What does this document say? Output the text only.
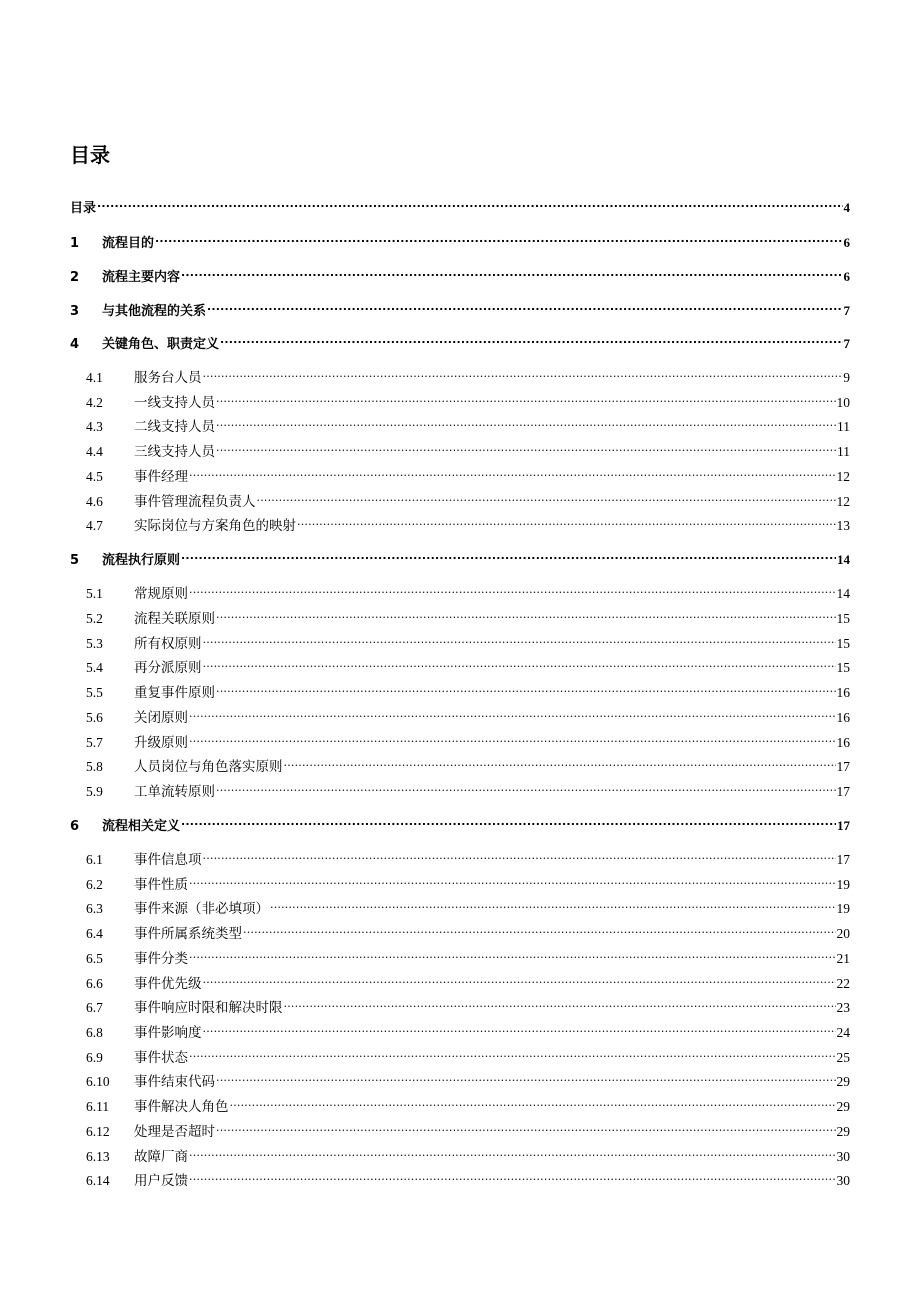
目录
目录 .....	4
1	流程目的 .....	6
2	流程主要内容 .....	6
3	与其他流程的关系 .....	7
4	关键角色、职责定义 .....	7
4.1	服务台人员 .....	9
4.2	一线支持人员 .....	10
4.3	二线支持人员 .....	11
4.4	三线支持人员 .....	11
4.5	事件经理 .....	12
4.6	事件管理流程负责人 .....	12
4.7	实际岗位与方案角色的映射 .....	13
5	流程执行原则 .....	14
5.1	常规原则 .....	14
5.2	流程关联原则 .....	15
5.3	所有权原则 .....	15
5.4	再分派原则 .....	15
5.5	重复事件原则 .....	16
5.6	关闭原则 .....	16
5.7	升级原则 .....	16
5.8	人员岗位与角色落实原则 .....	17
5.9	工单流转原则 .....	17
6	流程相关定义 .....	17
6.1	事件信息项 .....	17
6.2	事件性质 .....	19
6.3	事件来源（非必填项） .....	19
6.4	事件所属系统类型 .....	20
6.5	事件分类 .....	21
6.6	事件优先级 .....	22
6.7	事件响应时限和解决时限 .....	23
6.8	事件影响度 .....	24
6.9	事件状态 .....	25
6.10	事件结束代码 .....	29
6.11	事件解决人角色 .....	29
6.12	处理是否超时 .....	29
6.13	故障厂商 .....	30
6.14	用户反馈 .....	30
